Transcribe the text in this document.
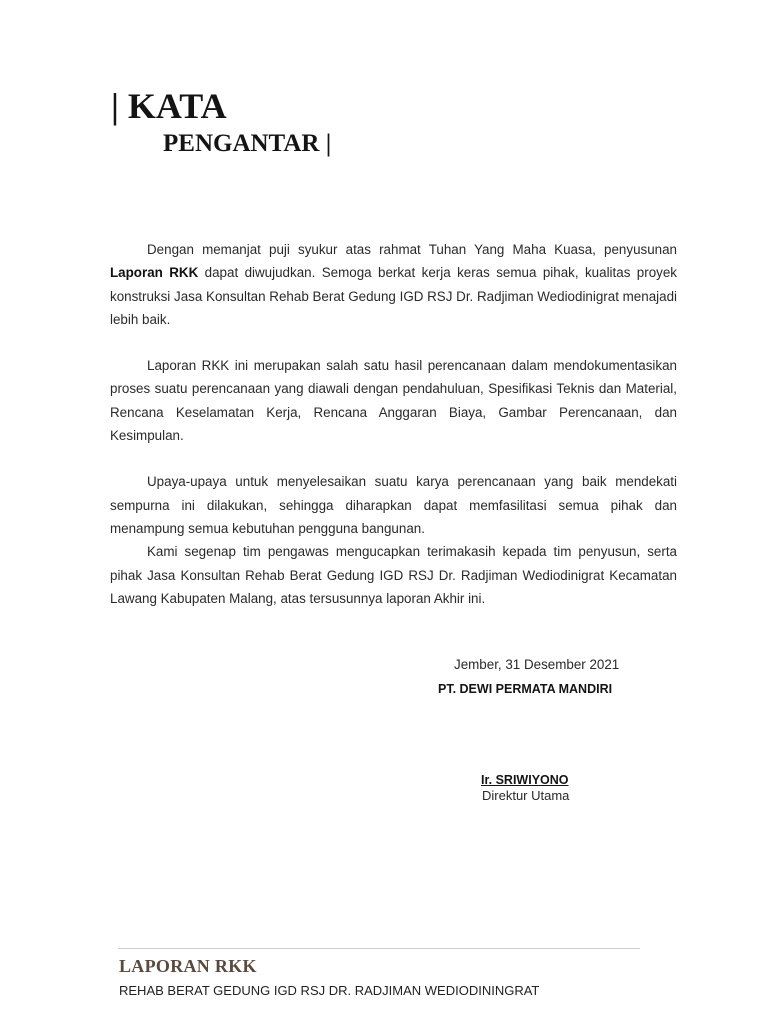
| KATA
PENGANTAR |

Dengan memanjat puji syukur atas rahmat Tuhan Yang Maha Kuasa, penyusunan Laporan RKK dapat diwujudkan. Semoga berkat kerja keras semua pihak, kualitas proyek konstruksi Jasa Konsultan Rehab Berat Gedung IGD RSJ Dr. Radjiman Wediodinigrat menajadi lebih baik.

Laporan RKK ini merupakan salah satu hasil perencanaan dalam mendokumentasikan proses suatu perencanaan yang diawali dengan pendahuluan, Spesifikasi Teknis dan Material, Rencana Keselamatan Kerja, Rencana Anggaran Biaya, Gambar Perencanaan, dan Kesimpulan.

Upaya-upaya untuk menyelesaikan suatu karya perencanaan yang baik mendekati sempurna ini dilakukan, sehingga diharapkan dapat memfasilitasi semua pihak dan menampung semua kebutuhan pengguna bangunan.

Kami segenap tim pengawas mengucapkan terimakasih kepada tim penyusun, serta pihak Jasa Konsultan Rehab Berat Gedung IGD RSJ Dr. Radjiman Wediodinigrat Kecamatan Lawang Kabupaten Malang, atas tersusunnya laporan Akhir ini.

Jember, 31 Desember 2021
PT. DEWI PERMATA MANDIRI
Ir. SRIWIYONO
Direktur Utama
LAPORAN RKK
REHAB BERAT GEDUNG IGD RSJ DR. RADJIMAN WEDIODININGRAT
